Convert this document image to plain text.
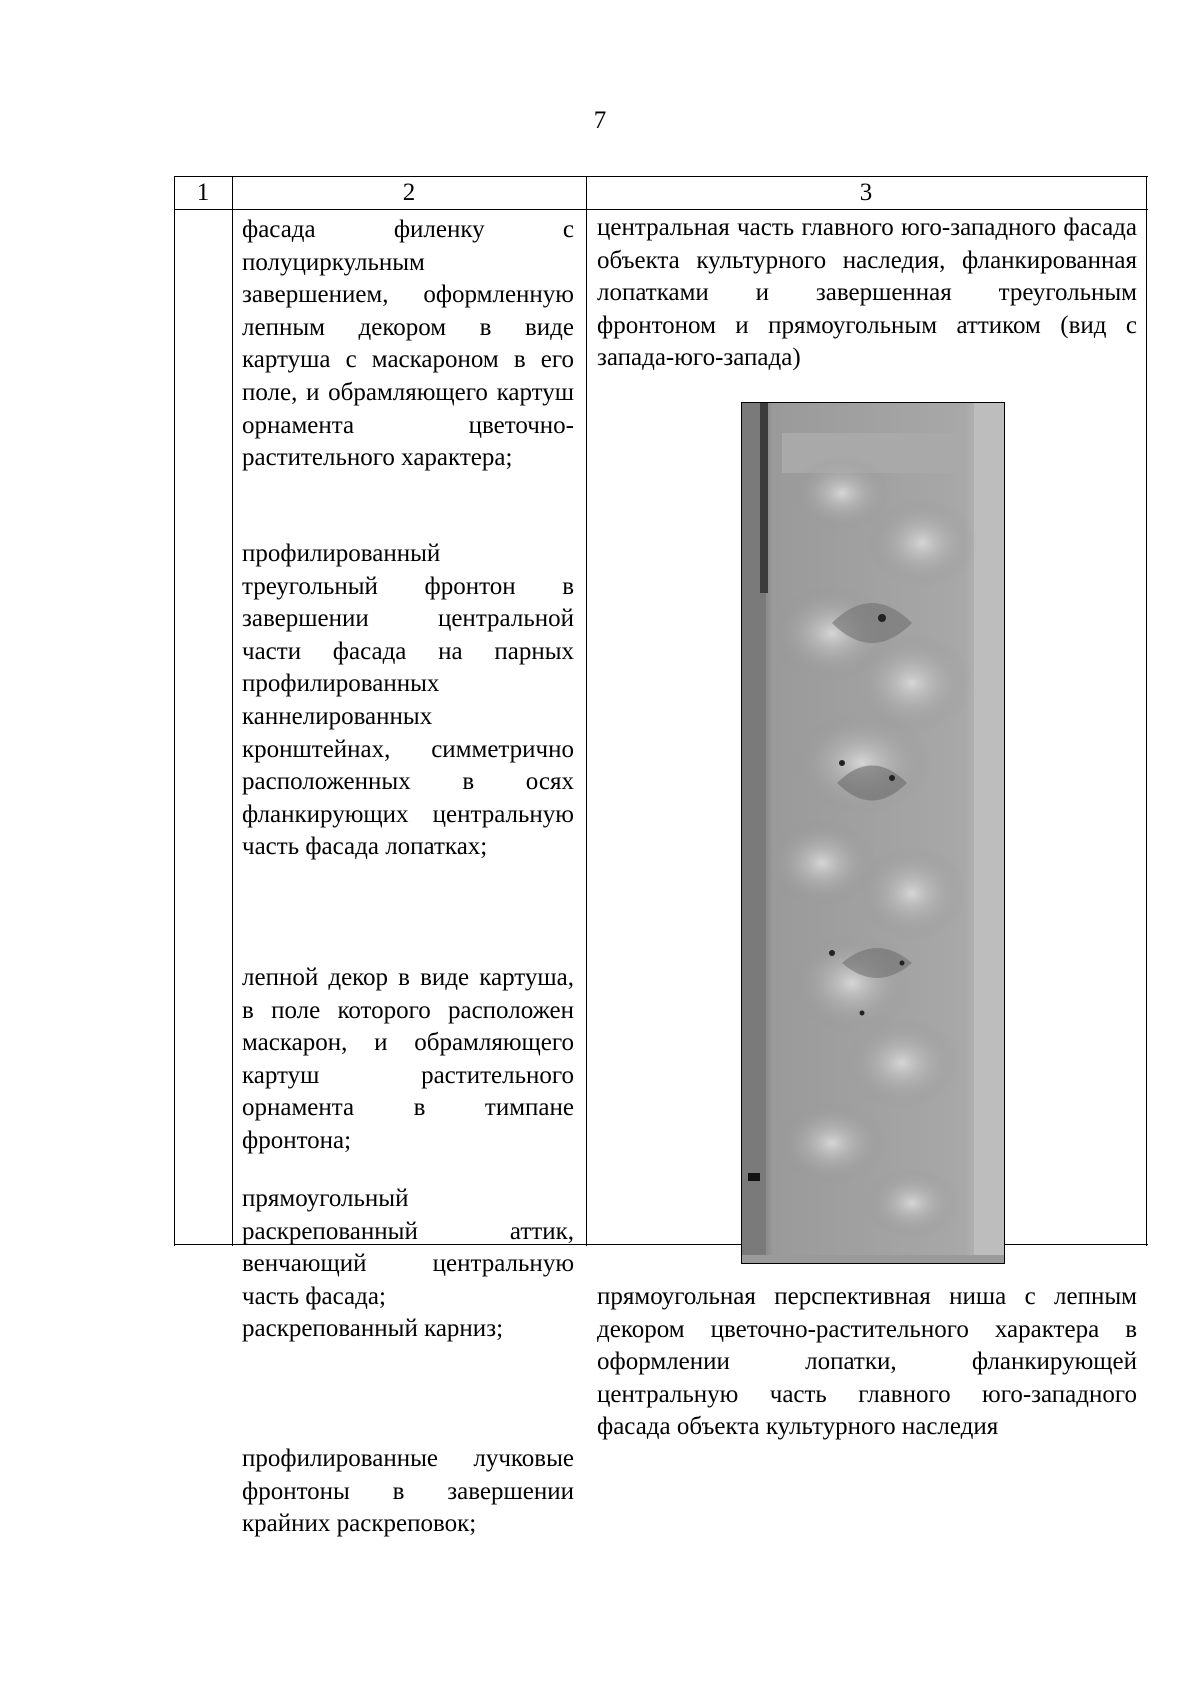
7
1	2	3

фасада филенку с полуциркульным завершением, оформленную лепным декором в виде картуша с маскароном в его поле, и обрамляющего картуш орнамента цветочно-растительного характера;

профилированный треугольный фронтон в завершении центральной части фасада на парных профилированных каннелированных кронштейнах, симметрично расположенных в осях фланкирующих центральную часть фасада лопатках;

лепной декор в виде картуша, в поле которого расположен маскарон, и обрамляющего картуш растительного орнамента в тимпане фронтона;

прямоугольный раскрепованный аттик, венчающий центральную часть фасада;

раскрепованный карниз;

центральная часть главного юго-западного фасада объекта культурного наследия, фланкированная лопатками и завершенная треугольным фронтоном и прямоугольным аттиком (вид с запада-юго-запада)

прямоугольная перспективная ниша с лепным декором цветочно-растительного характера в оформлении лопатки, фланкирующей центральную часть главного юго-западного фасада объекта культурного наследия

профилированные лучковые фронтоны в завершении крайних раскреповок;
